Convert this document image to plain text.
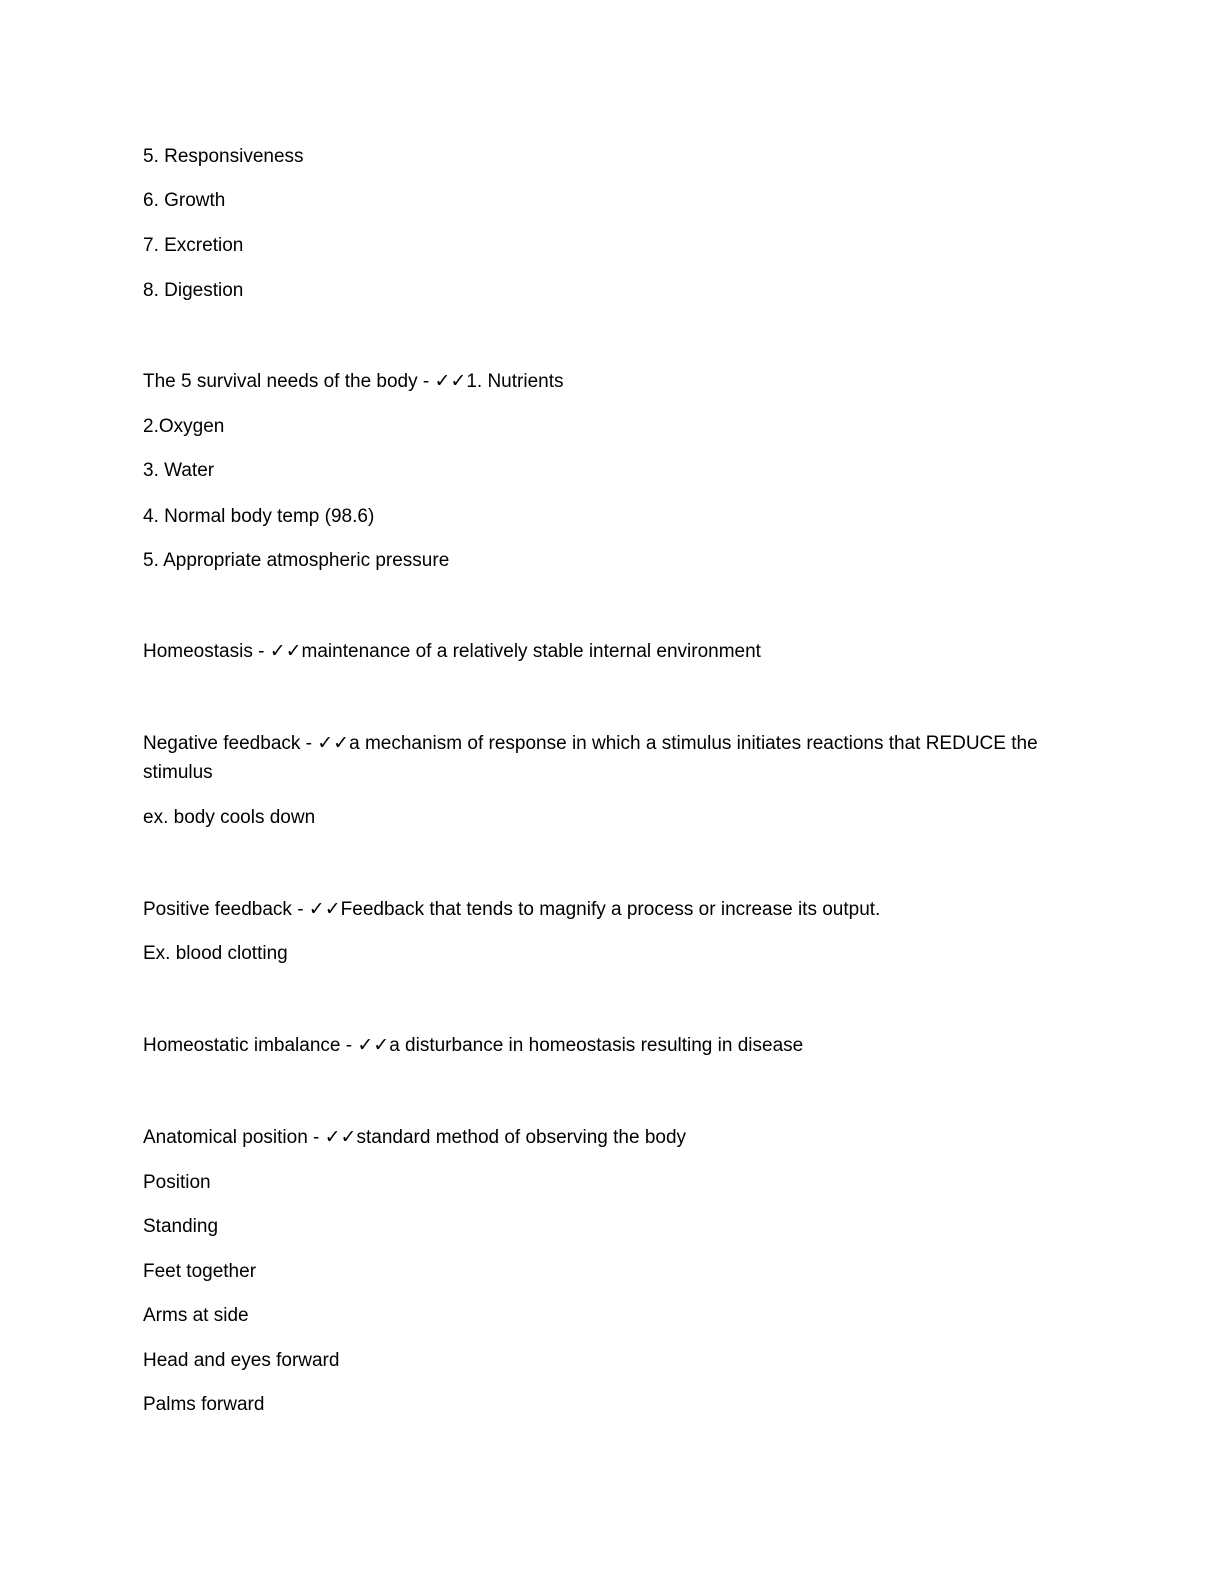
5. Responsiveness

6. Growth

7. Excretion

8. Digestion

The 5 survival needs of the body - ✓✓1. Nutrients

2.Oxygen

3. Water

4. Normal body temp (98.6)

5. Appropriate atmospheric pressure

Homeostasis - ✓✓maintenance of a relatively stable internal environment

Negative feedback - ✓✓a mechanism of response in which a stimulus initiates reactions that REDUCE the stimulus

ex. body cools down

Positive feedback - ✓✓Feedback that tends to magnify a process or increase its output.

Ex. blood clotting

Homeostatic imbalance - ✓✓a disturbance in homeostasis resulting in disease

Anatomical position - ✓✓standard method of observing the body

Position

Standing

Feet together

Arms at side

Head and eyes forward

Palms forward
